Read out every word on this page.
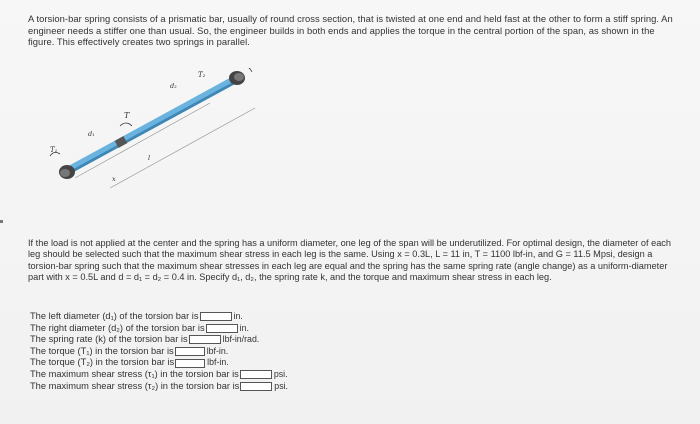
A torsion-bar spring consists of a prismatic bar, usually of round cross section, that is twisted at one end and held fast at the other to form a stiff spring. An engineer needs a stiffer one than usual. So, the engineer builds in both ends and applies the torque in the central portion of the span, as shown in the figure. This effectively creates two springs in parallel.
T
T₂
T₁
d₂
d₁
x
l
If the load is not applied at the center and the spring has a uniform diameter, one leg of the span will be underutilized. For optimal design, the diameter of each leg should be selected such that the maximum shear stress in each leg is the same. Using x = 0.3L, L = 11 in, T = 1100 lbf-in, and G = 11.5 Mpsi, design a torsion-bar spring such that the maximum shear stresses in each leg are equal and the spring has the same spring rate (angle change) as a uniform-diameter part with x = 0.5L and d = d₁ = d₂ = 0.4 in. Specify d₁, d₂, the spring rate k, and the torque and maximum shear stress in each leg.
The left diameter (d₁) of the torsion bar is	in.
The right diameter (d₂) of the torsion bar is	in.
The spring rate (k) of the torsion bar is	lbf-in/rad.
The torque (T₁) in the torsion bar is	lbf-in.
The torque (T₂) in the torsion bar is	lbf-in.
The maximum shear stress (τ₁) in the torsion bar is	psi.
The maximum shear stress (τ₂) in the torsion bar is	psi.
